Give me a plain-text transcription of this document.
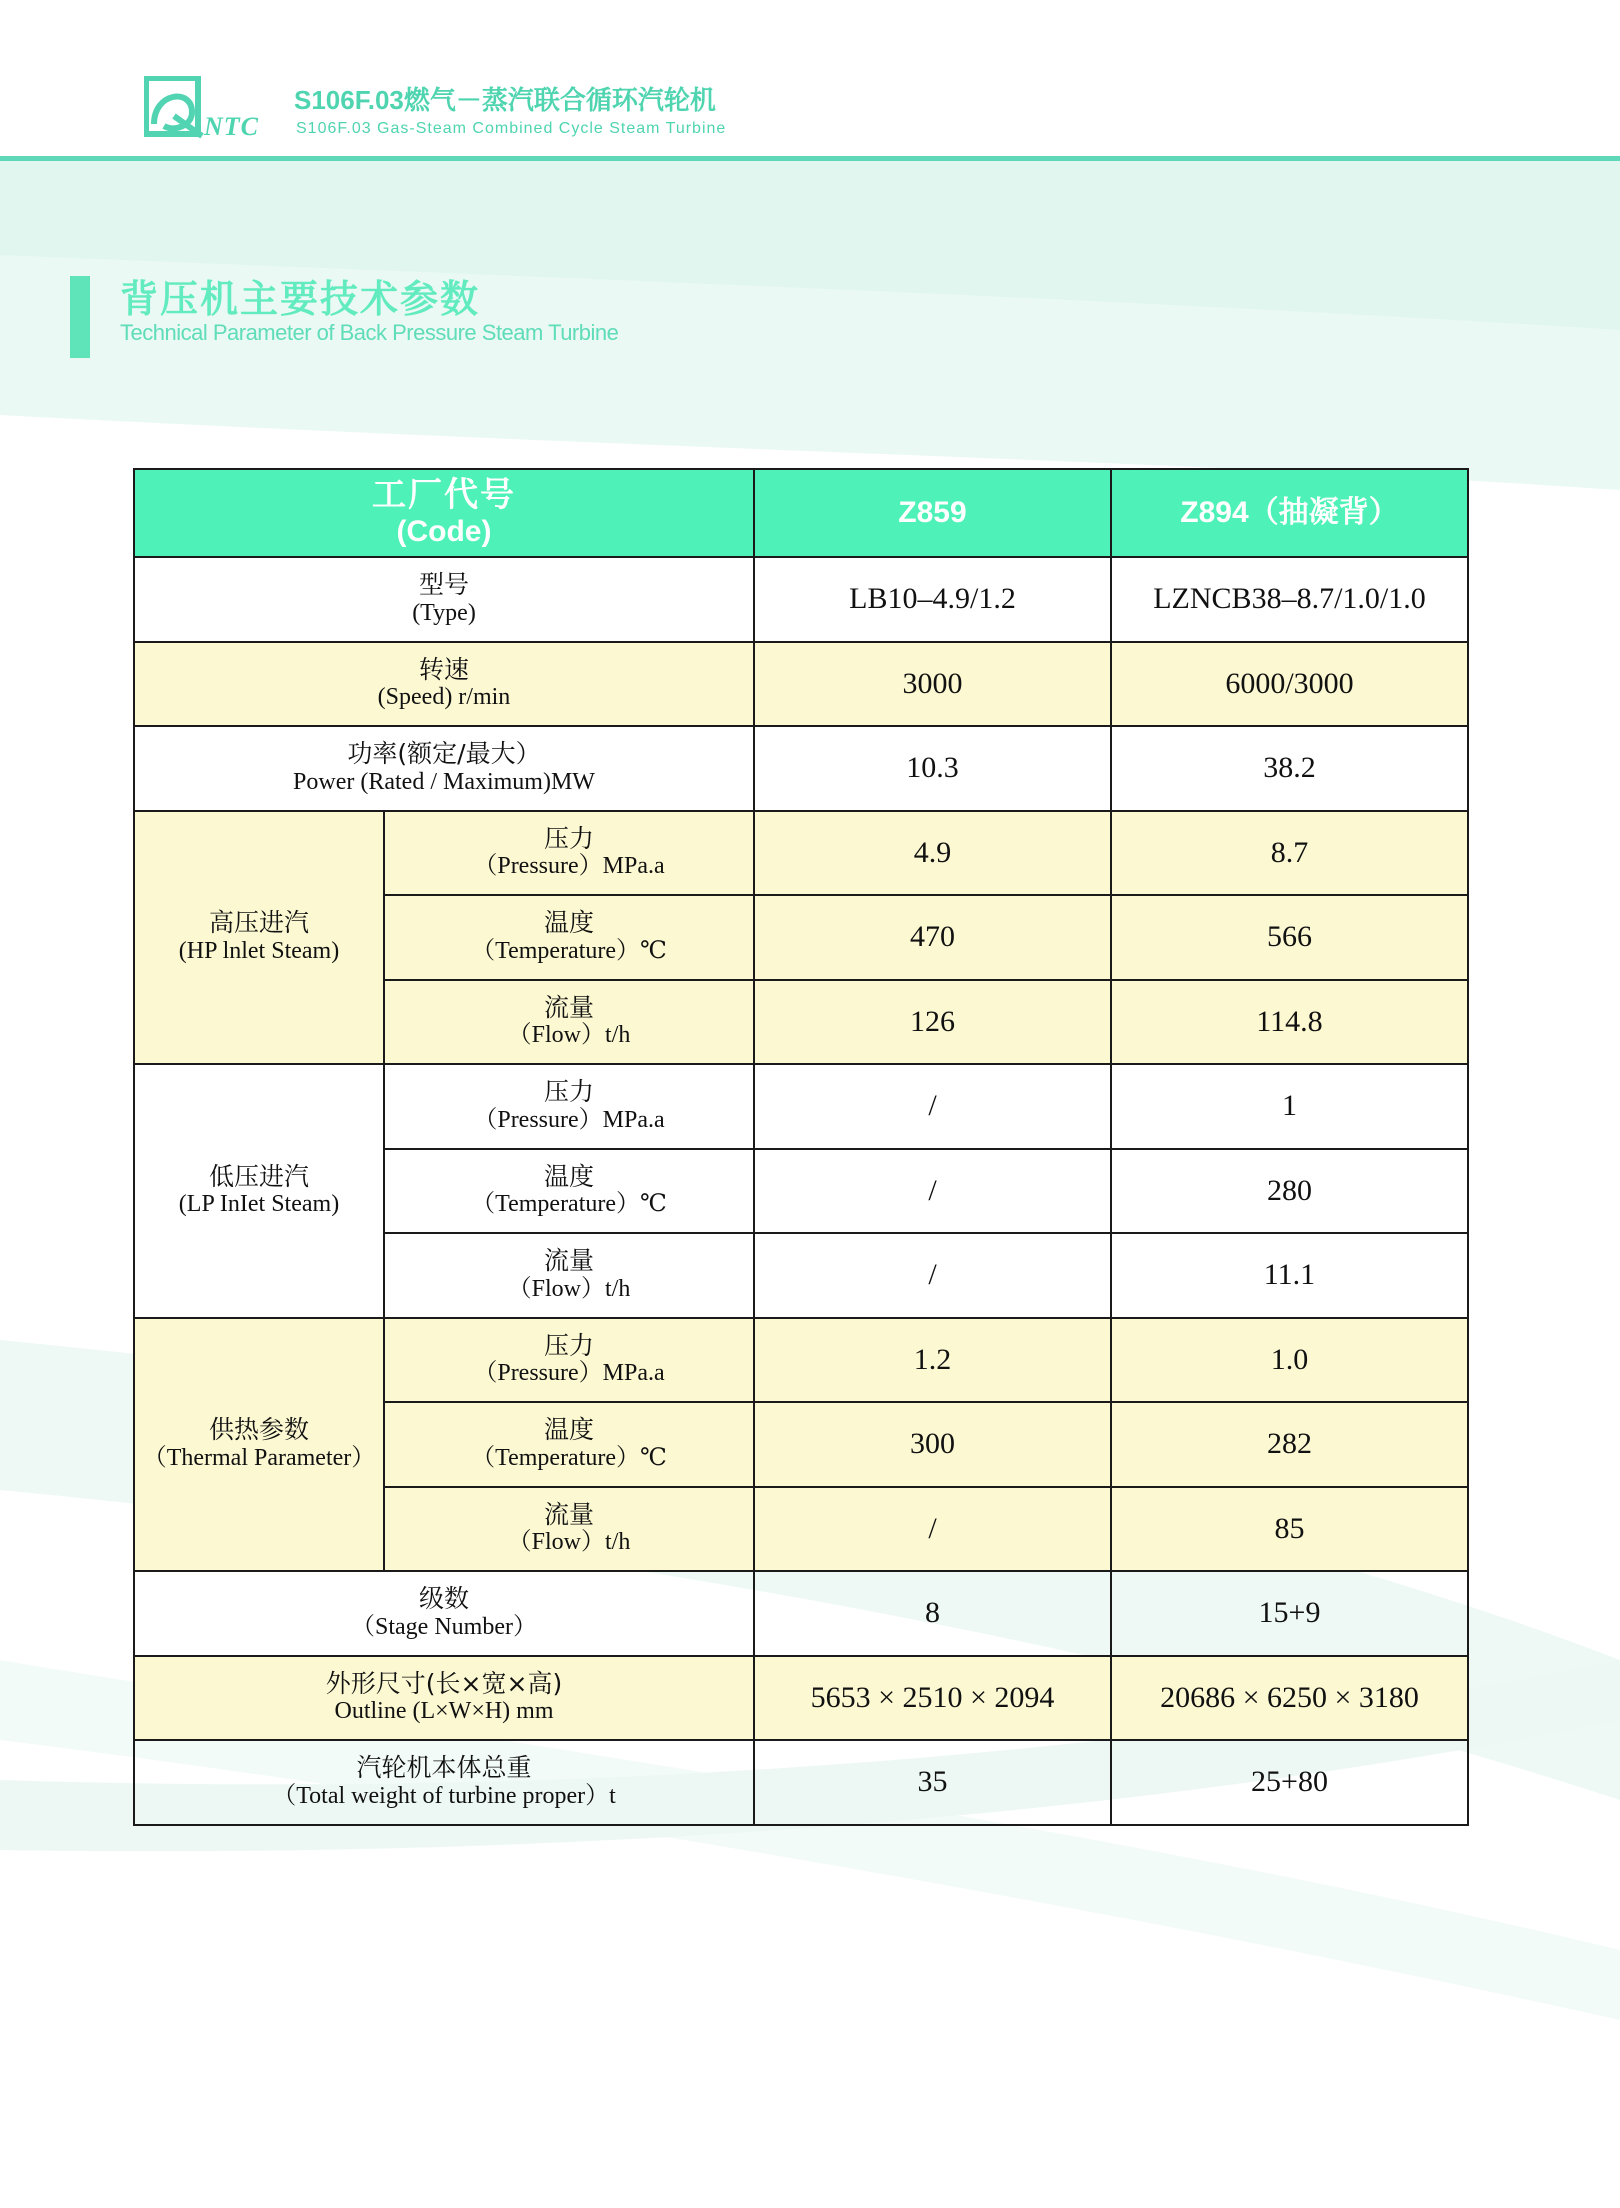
NTC
S106F.03燃气－蒸汽联合循环汽轮机
S106F.03 Gas-Steam Combined Cycle Steam Turbine
背压机主要技术参数
Technical Parameter of Back Pressure Steam Turbine
工厂代号
(Code)		Z859	Z894（抽凝背）

型号
(Type)		LB10–4.9/1.2	LZNCB38–8.7/1.0/1.0

转速
(Speed) r/min		3000	6000/3000

功率(额定/最大）
Power (Rated / Maximum)MW		10.3	38.2

高压进汽
(HP lnlet Steam)	压力
（Pressure）MPa.a	4.9	8.7

	温度
（Temperature）℃	470	566

	流量
（Flow）t/h	126	114.8

低压进汽
(LP InIet Steam)	压力
（Pressure）MPa.a	/	1

	温度
（Temperature）℃	/	280

	流量
（Flow）t/h	/	11.1

供热参数
（Thermal Parameter）	压力
（Pressure）MPa.a	1.2	1.0

	温度
（Temperature）℃	300	282

	流量
（Flow）t/h	/	85

级数
（Stage Number）		8	15+9

外形尺寸(长×宽×高)
Outline (L×W×H) mm		5653 × 2510 × 2094	20686 × 6250 × 3180

汽轮机本体总重
（Total weight of turbine proper）t		35	25+80
